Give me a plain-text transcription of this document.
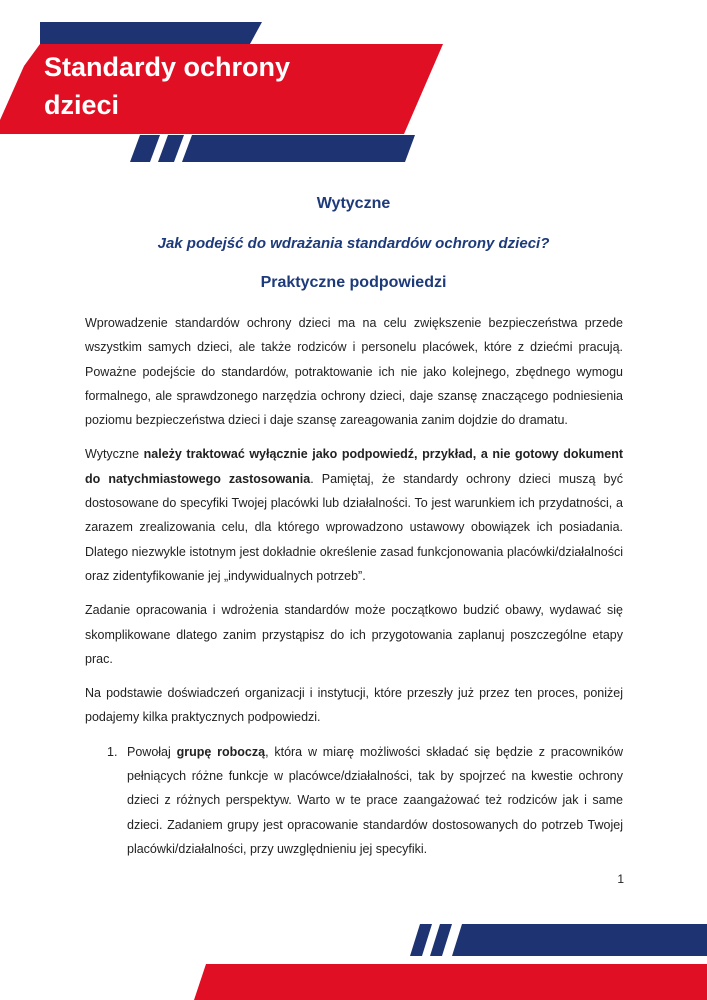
Standardy ochrony
dzieci
Wytyczne
Jak podejść do wdrażania standardów ochrony dzieci?
Praktyczne podpowiedzi

Wprowadzenie standardów ochrony dzieci ma na celu zwiększenie bezpieczeństwa przede wszystkim samych dzieci, ale także rodziców i personelu placówek, które z dziećmi pracują. Poważne podejście do standardów, potraktowanie ich nie jako kolejnego, zbędnego wymogu formalnego, ale sprawdzonego narzędzia ochrony dzieci, daje szansę znaczącego podniesienia poziomu bezpieczeństwa dzieci i daje szansę zareagowania zanim dojdzie do dramatu.

Wytyczne należy traktować wyłącznie jako podpowiedź, przykład, a nie gotowy dokument do natychmiastowego zastosowania. Pamiętaj, że standardy ochrony dzieci muszą być dostosowane do specyfiki Twojej placówki lub działalności. To jest warunkiem ich przydatności, a zarazem zrealizowania celu, dla którego wprowadzono ustawowy obowiązek ich posiadania. Dlatego niezwykle istotnym jest dokładnie określenie zasad funkcjonowania placówki/działalności oraz zidentyfikowanie jej „indywidualnych potrzeb”.

Zadanie opracowania i wdrożenia standardów może początkowo budzić obawy, wydawać się skomplikowane dlatego zanim przystąpisz do ich przygotowania zaplanuj poszczególne etapy prac.

Na podstawie doświadczeń organizacji i instytucji, które przeszły już przez ten proces, poniżej podajemy kilka praktycznych podpowiedzi.

1. Powołaj grupę roboczą, która w miarę możliwości składać się będzie z pracowników pełniących różne funkcje w placówce/działalności, tak by spojrzeć na kwestie ochrony dzieci z różnych perspektyw. Warto w te prace zaangażować też rodziców jak i same dzieci. Zadaniem grupy jest opracowanie standardów dostosowanych do potrzeb Twojej placówki/działalności, przy uwzględnieniu jej specyfiki.
1
